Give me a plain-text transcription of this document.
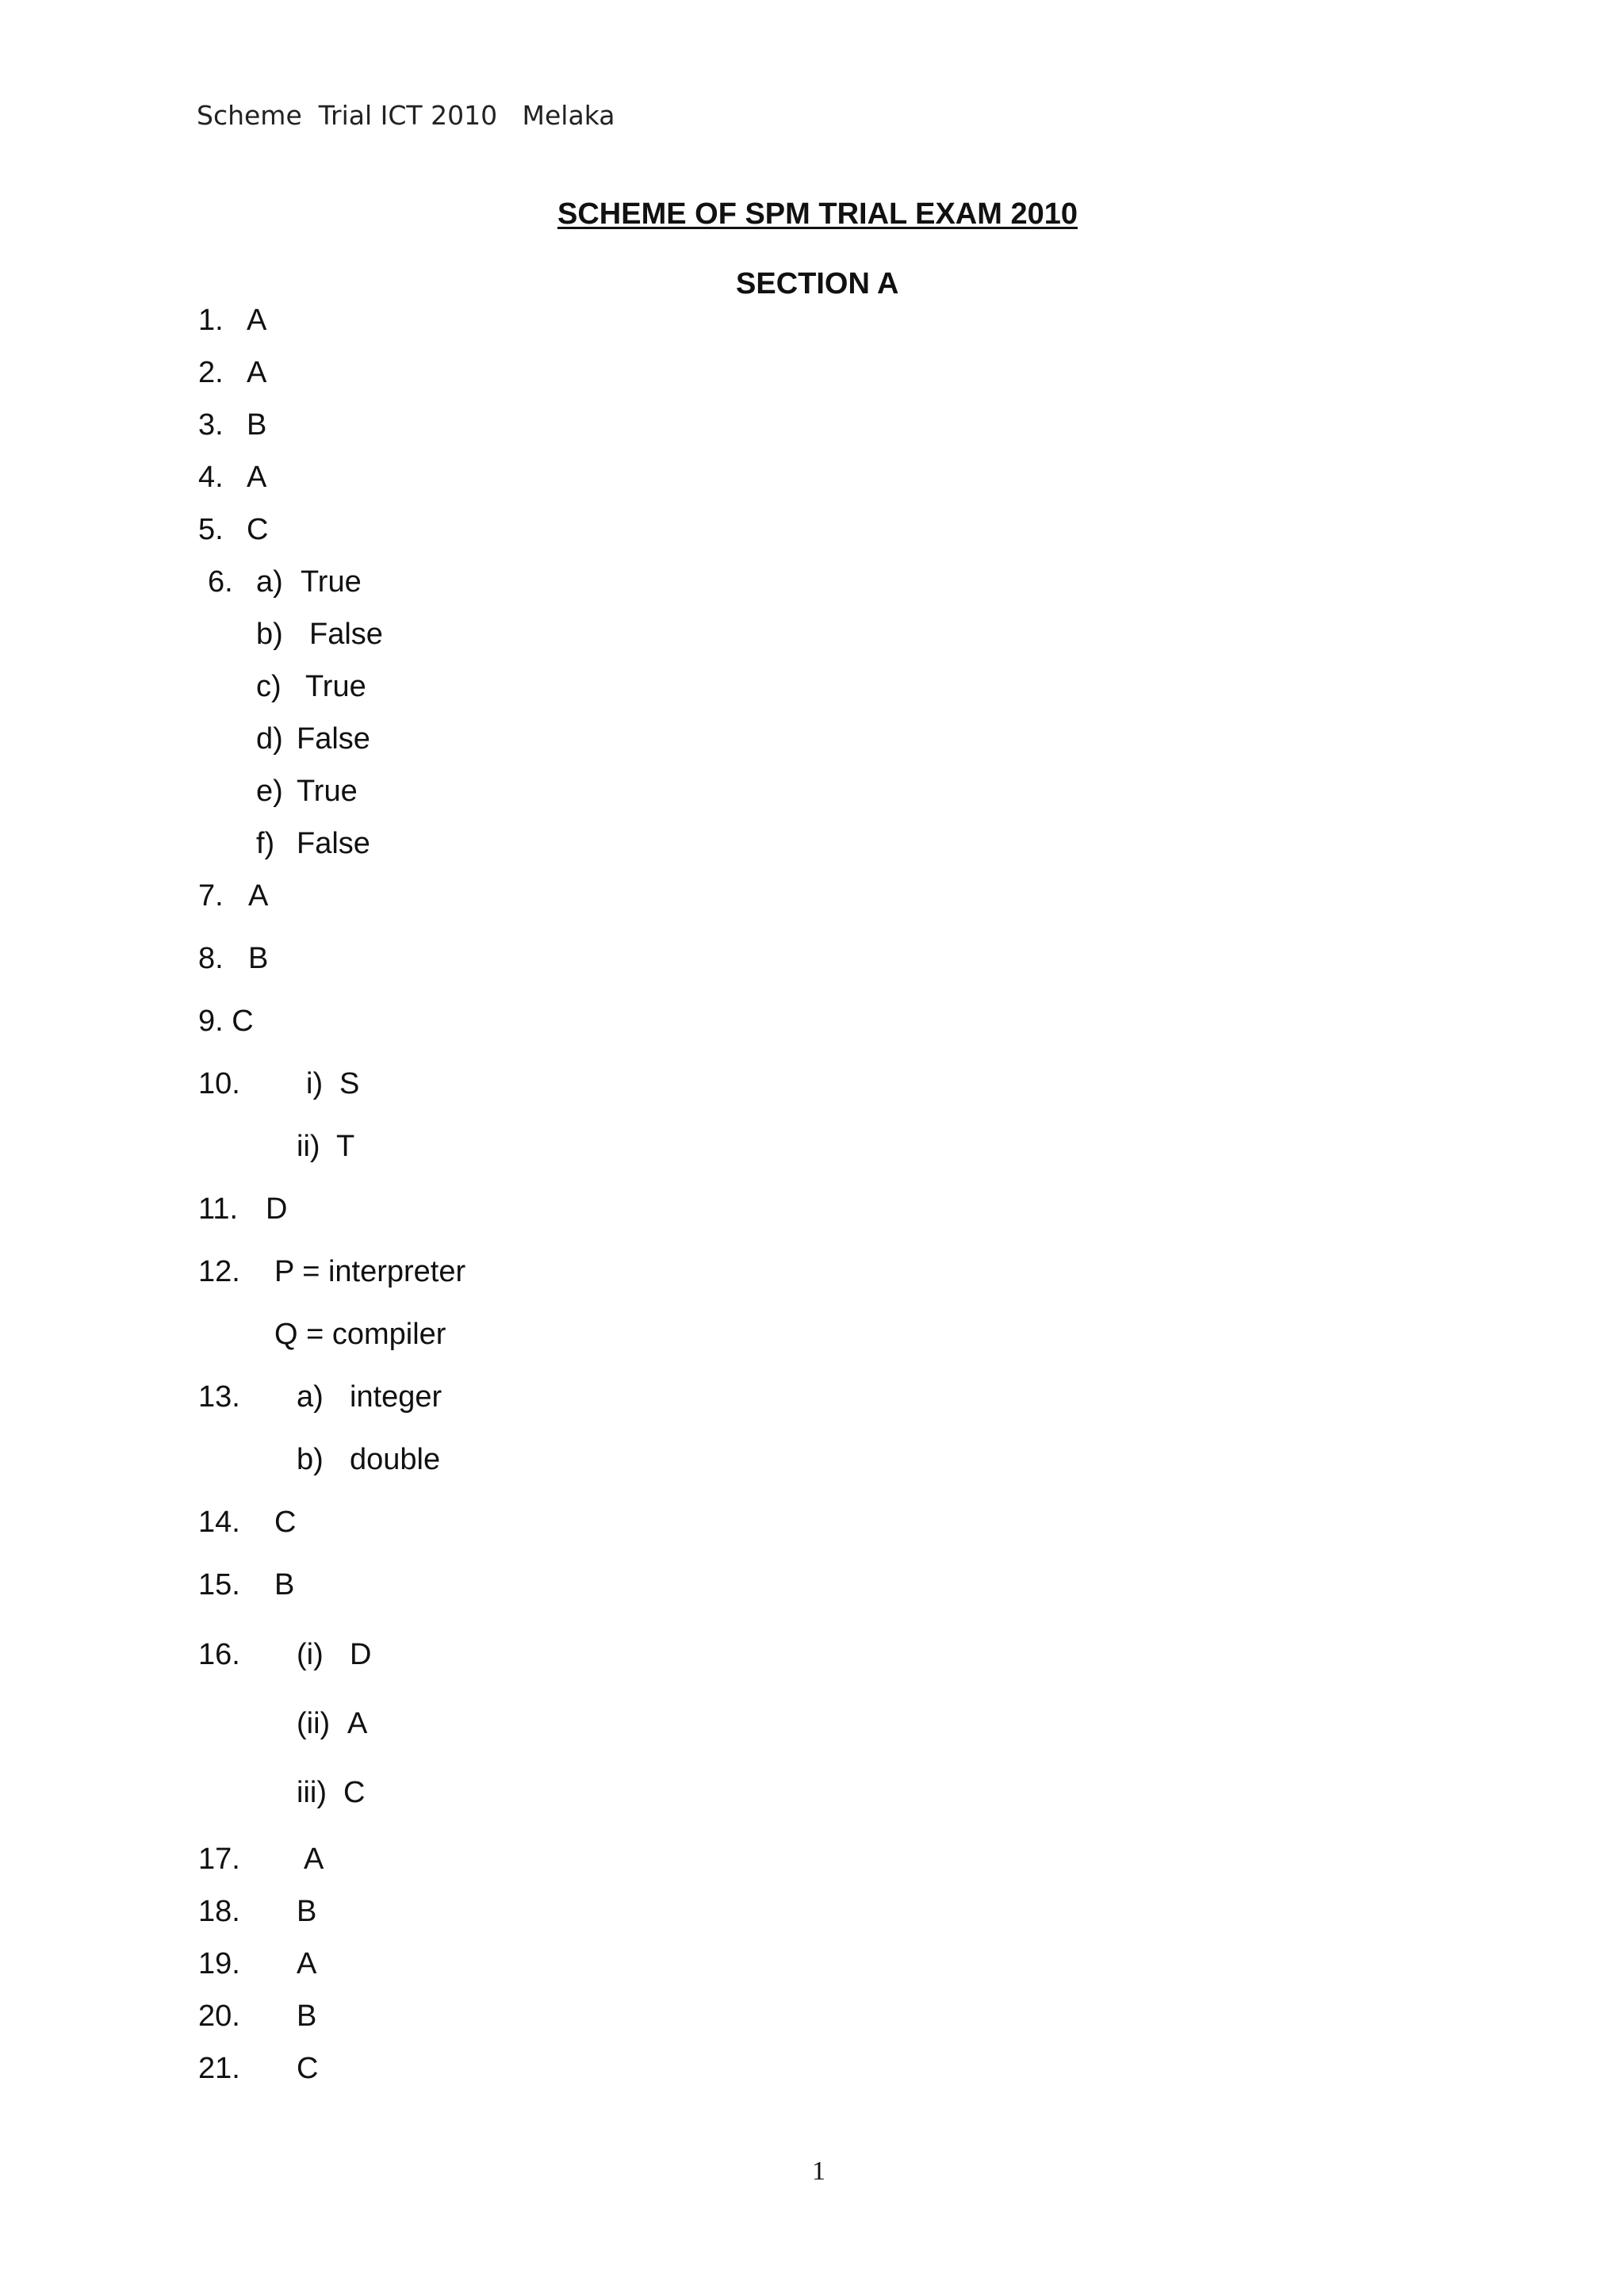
Scheme  Trial ICT 2010   Melaka
SCHEME OF SPM TRIAL EXAM 2010
SECTION A
1. A
2. A
3. B
4. A
5. C
6. a) True
b) False
c) True
d) False
e) True
f) False
7. A
8. B
9. C
10. i) S
ii) T
11. D
12. P = interpreter
Q = compiler
13. a) integer
b) double
14. C
15. B
16. (i) D
(ii) A
iii) C
17. A
18. B
19. A
20. B
21. C
1
